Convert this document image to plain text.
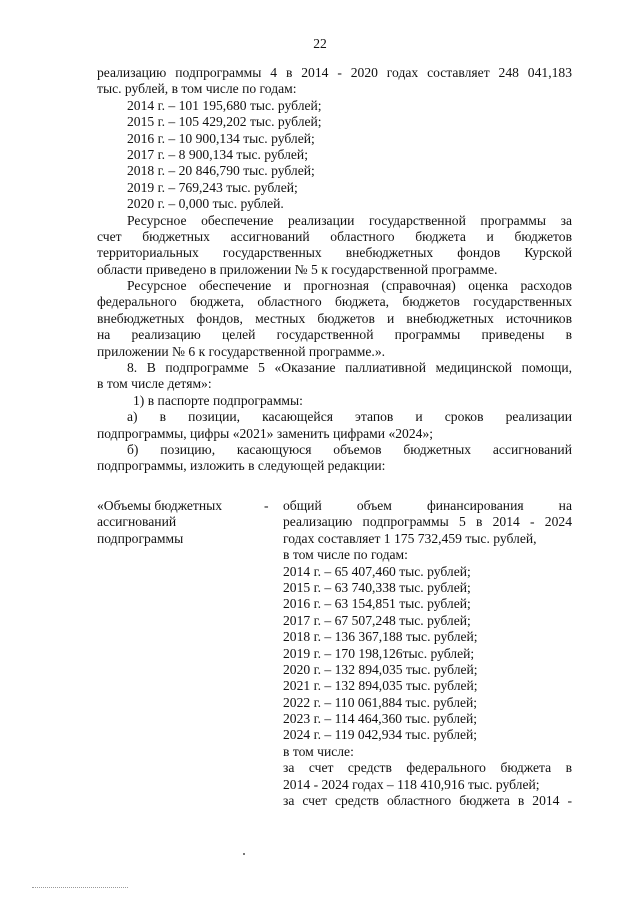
22
реализацию подпрограммы 4 в 2014 - 2020 годах составляет 248 041,183
тыс. рублей, в том числе по годам:
2014 г. – 101 195,680 тыс. рублей;
2015 г. – 105 429,202 тыс. рублей;
2016 г. – 10 900,134 тыс. рублей;
2017 г. – 8 900,134 тыс. рублей;
2018 г. – 20 846,790 тыс. рублей;
2019 г. – 769,243 тыс. рублей;
2020 г. – 0,000 тыс. рублей.
Ресурсное обеспечение реализации государственной программы за
счет бюджетных ассигнований областного бюджета и бюджетов
территориальных государственных внебюджетных фондов Курской
области приведено в приложении № 5 к государственной программе.
Ресурсное обеспечение и прогнозная (справочная) оценка расходов
федерального бюджета, областного бюджета, бюджетов государственных
внебюджетных фондов, местных бюджетов и внебюджетных источников
на реализацию целей государственной программы приведены в
приложении № 6 к государственной программе.».
8. В подпрограмме 5 «Оказание паллиативной медицинской помощи,
в том числе детям»:
1) в паспорте подпрограммы:
а) в позиции, касающейся этапов и сроков реализации
подпрограммы, цифры «2021» заменить цифрами «2024»;
б) позицию, касающуюся объемов бюджетных ассигнований
подпрограммы, изложить в следующей редакции:
«Объемы бюджетных
ассигнований
подпрограммы
- общий объем финансирования на
реализацию подпрограммы 5 в 2014 - 2024
годах составляет 1 175 732,459 тыс. рублей,
в том числе по годам:
2014 г. – 65 407,460 тыс. рублей;
2015 г. – 63 740,338 тыс. рублей;
2016 г. – 63 154,851 тыс. рублей;
2017 г. – 67 507,248 тыс. рублей;
2018 г. – 136 367,188 тыс. рублей;
2019 г. – 170 198,126тыс. рублей;
2020 г. – 132 894,035 тыс. рублей;
2021 г. – 132 894,035 тыс. рублей;
2022 г. – 110 061,884 тыс. рублей;
2023 г. – 114 464,360 тыс. рублей;
2024 г. – 119 042,934 тыс. рублей;
в том числе:
за счет средств федерального бюджета в
2014 - 2024 годах – 118 410,916 тыс. рублей;
за счет средств областного бюджета в 2014 -
